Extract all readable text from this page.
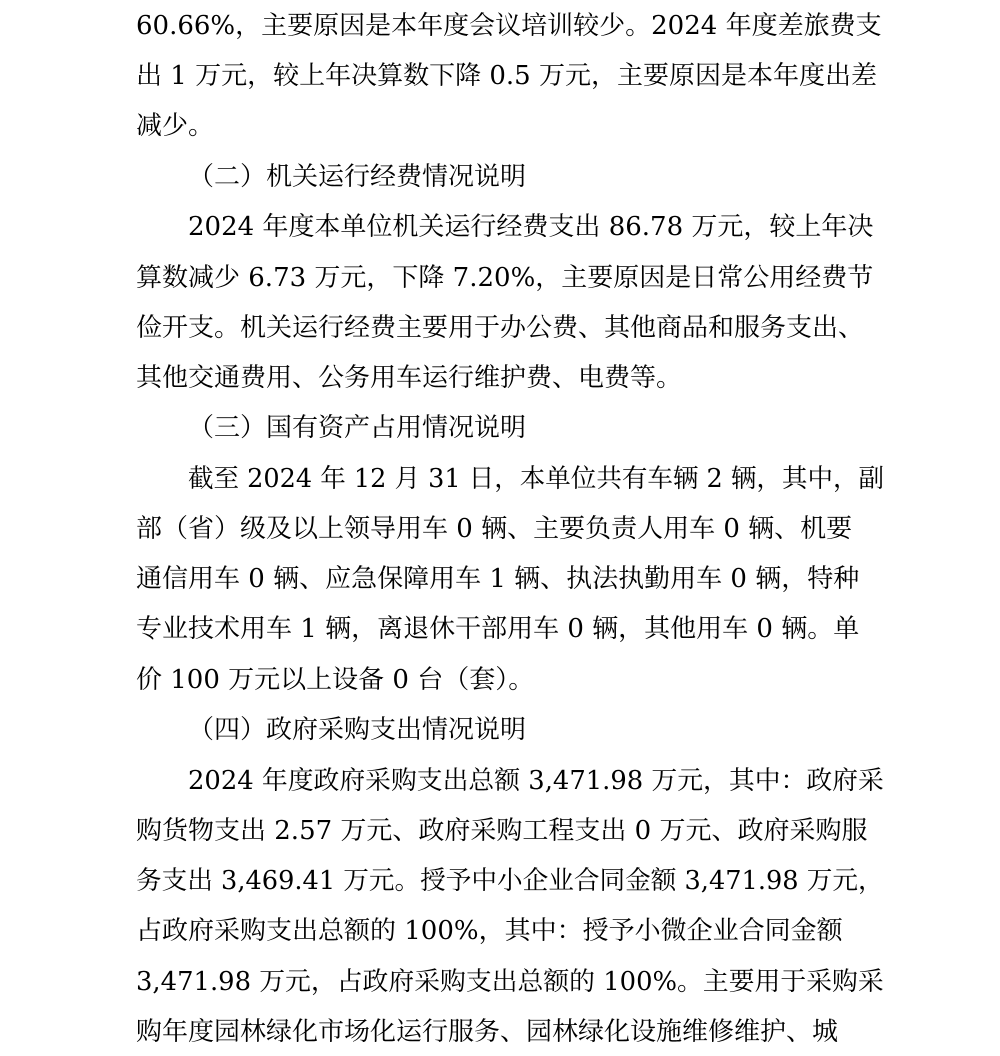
60.66%，主要原因是本年度会议培训较少。2024 年度差旅费支
出 1 万元，较上年决算数下降 0.5 万元，主要原因是本年度出差
减少。
（二）机关运行经费情况说明
2024 年度本单位机关运行经费支出 86.78 万元，较上年决
算数减少 6.73 万元，下降 7.20%，主要原因是日常公用经费节
俭开支。机关运行经费主要用于办公费、其他商品和服务支出、
其他交通费用、公务用车运行维护费、电费等。
（三）国有资产占用情况说明
截至 2024 年 12 月 31 日，本单位共有车辆 2 辆，其中，副
部（省）级及以上领导用车 0 辆、主要负责人用车 0 辆、机要
通信用车 0 辆、应急保障用车 1 辆、执法执勤用车 0 辆，特种
专业技术用车 1 辆，离退休干部用车 0 辆，其他用车 0 辆。单
价 100 万元以上设备 0 台（套）。
（四）政府采购支出情况说明
2024 年度政府采购支出总额 3,471.98 万元，其中：政府采
购货物支出 2.57 万元、政府采购工程支出 0 万元、政府采购服
务支出 3,469.41 万元。授予中小企业合同金额 3,471.98 万元，
占政府采购支出总额的 100%，其中：授予小微企业合同金额
3,471.98 万元，占政府采购支出总额的 100%。主要用于采购采
购年度园林绿化市场化运行服务、园林绿化设施维修维护、城
